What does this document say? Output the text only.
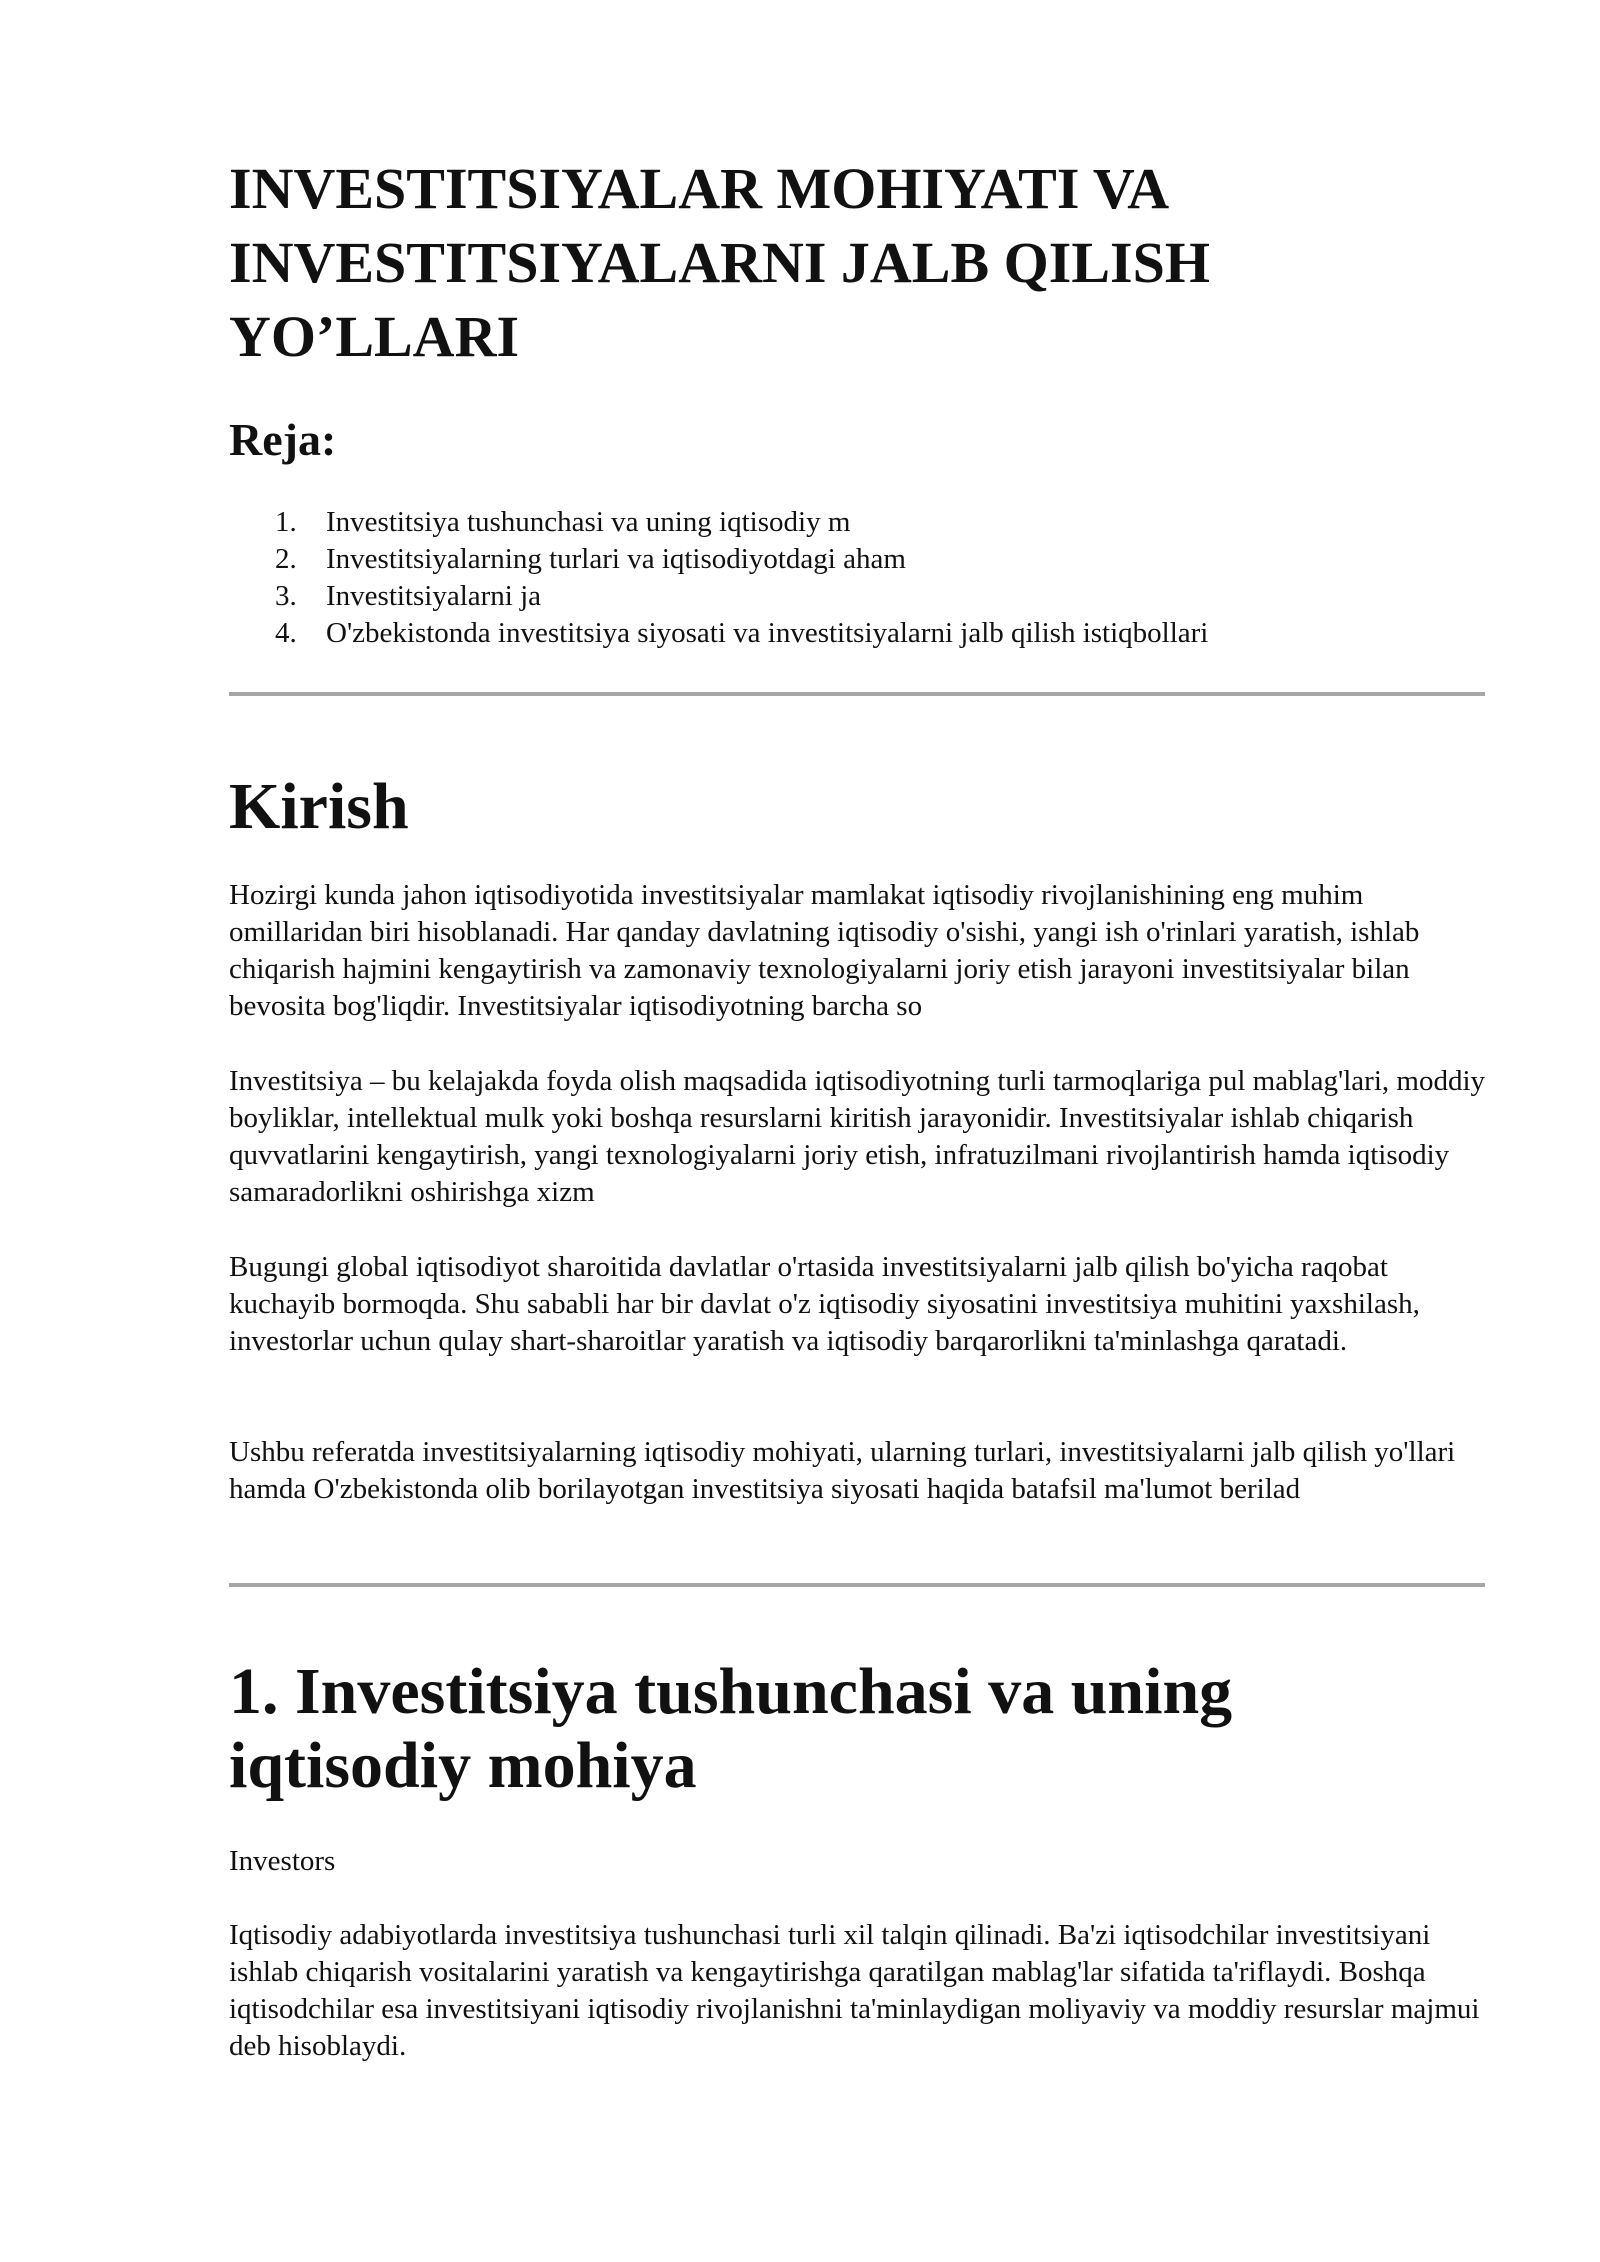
INVESTITSIYALAR MOHIYATI VA INVESTITSIYALARNI JALB QILISH YO’LLARI
Reja:
1. Investitsiya tushunchasi va uning iqtisodiy m
2. Investitsiyalarning turlari va iqtisodiyotdagi aham
3. Investitsiyalarni ja
4. O'zbekistonda investitsiya siyosati va investitsiyalarni jalb qilish istiqbollari
Kirish

Hozirgi kunda jahon iqtisodiyotida investitsiyalar mamlakat iqtisodiy rivojlanishining eng muhim omillaridan biri hisoblanadi. Har qanday davlatning iqtisodiy o'sishi, yangi ish o'rinlari yaratish, ishlab chiqarish hajmini kengaytirish va zamonaviy texnologiyalarni joriy etish jarayoni investitsiyalar bilan bevosita bog'liqdir. Investitsiyalar iqtisodiyotning barcha so

Investitsiya – bu kelajakda foyda olish maqsadida iqtisodiyotning turli tarmoqlariga pul mablag'lari, moddiy boyliklar, intellektual mulk yoki boshqa resurslarni kiritish jarayonidir. Investitsiyalar ishlab chiqarish quvvatlarini kengaytirish, yangi texnologiyalarni joriy etish, infratuzilmani rivojlantirish hamda iqtisodiy samaradorlikni oshirishga xizm

Bugungi global iqtisodiyot sharoitida davlatlar o'rtasida investitsiyalarni jalb qilish bo'yicha raqobat kuchayib bormoqda. Shu sababli har bir davlat o'z iqtisodiy siyosatini investitsiya muhitini yaxshilash, investorlar uchun qulay shart-sharoitlar yaratish va iqtisodiy barqarorlikni ta'minlashga qaratadi.

Ushbu referatda investitsiyalarning iqtisodiy mohiyati, ularning turlari, investitsiyalarni jalb qilish yo'llari hamda O'zbekistonda olib borilayotgan investitsiya siyosati haqida batafsil ma'lumot berilad

1. Investitsiya tushunchasi va uning iqtisodiy mohiya

Investors

Iqtisodiy adabiyotlarda investitsiya tushunchasi turli xil talqin qilinadi. Ba'zi iqtisodchilar investitsiyani ishlab chiqarish vositalarini yaratish va kengaytirishga qaratilgan mablag'lar sifatida ta'riflaydi. Boshqa iqtisodchilar esa investitsiyani iqtisodiy rivojlanishni ta'minlaydigan moliyaviy va moddiy resurslar majmui deb hisoblaydi.
